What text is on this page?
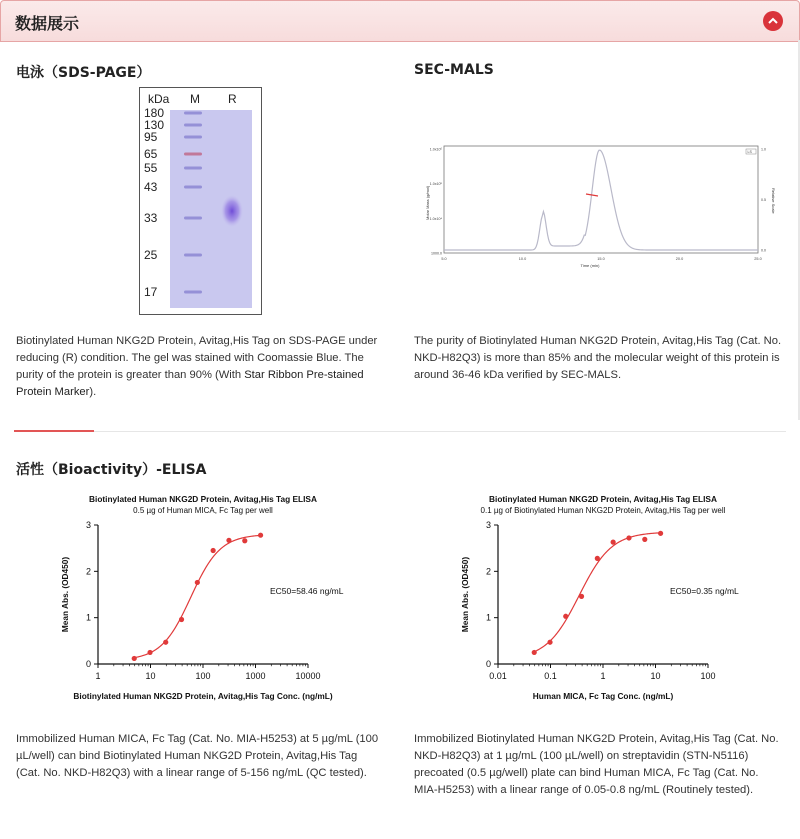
数据展示
电泳（SDS-PAGE）
kDa M R
180
130
95
65
55
43
33
25
17
Biotinylated Human NKG2D Protein, Avitag,His Tag on SDS-PAGE under
reducing (R) condition. The gel was stained with Coomassie Blue. The
purity of the protein is greater than 90% (With Star Ribbon Pre-stained
Protein Marker).
SEC-MALS
LS
Molar Mass (g/mol)	Relative Scale
Time (min)
5.0	10.0	15.0	20.0	25.0
1.0x10⁶
1.0x10⁵
1.0x10⁴
1000.0
1.0
0.5
0.0
The purity of Biotinylated Human NKG2D Protein, Avitag,His Tag (Cat. No.
NKD-H82Q3) is more than 85% and the molecular weight of this protein is
around 36-46 kDa verified by SEC-MALS.
活性（Bioactivity）-ELISA
Biotinylated Human NKG2D Protein, Avitag,His Tag ELISA
0.5 µg of Human MICA, Fc Tag per well
0
1
2
3
1	10	100	1000	10000
Mean Abs. (OD450)
Biotinylated Human NKG2D Protein, Avitag,His Tag Conc. (ng/mL)
EC50=58.46 ng/mL
Biotinylated Human NKG2D Protein, Avitag,His Tag ELISA
0.1 µg of Biotinylated Human NKG2D Protein, Avitag,His Tag per well
0
1
2
3
0.01	0.1	1	10	100
Mean Abs. (OD450)
Human MICA, Fc Tag Conc. (ng/mL)
EC50=0.35 ng/mL
Immobilized Human MICA, Fc Tag (Cat. No. MIA-H5253) at 5 µg/mL (100
µL/well) can bind Biotinylated Human NKG2D Protein, Avitag,His Tag
(Cat. No. NKD-H82Q3) with a linear range of 5-156 ng/mL (QC tested).
Immobilized Biotinylated Human NKG2D Protein, Avitag,His Tag (Cat. No.
NKD-H82Q3) at 1 µg/mL (100 µL/well) on streptavidin (STN-N5116)
precoated (0.5 µg/well) plate can bind Human MICA, Fc Tag (Cat. No.
MIA-H5253) with a linear range of 0.05-0.8 ng/mL (Routinely tested).
